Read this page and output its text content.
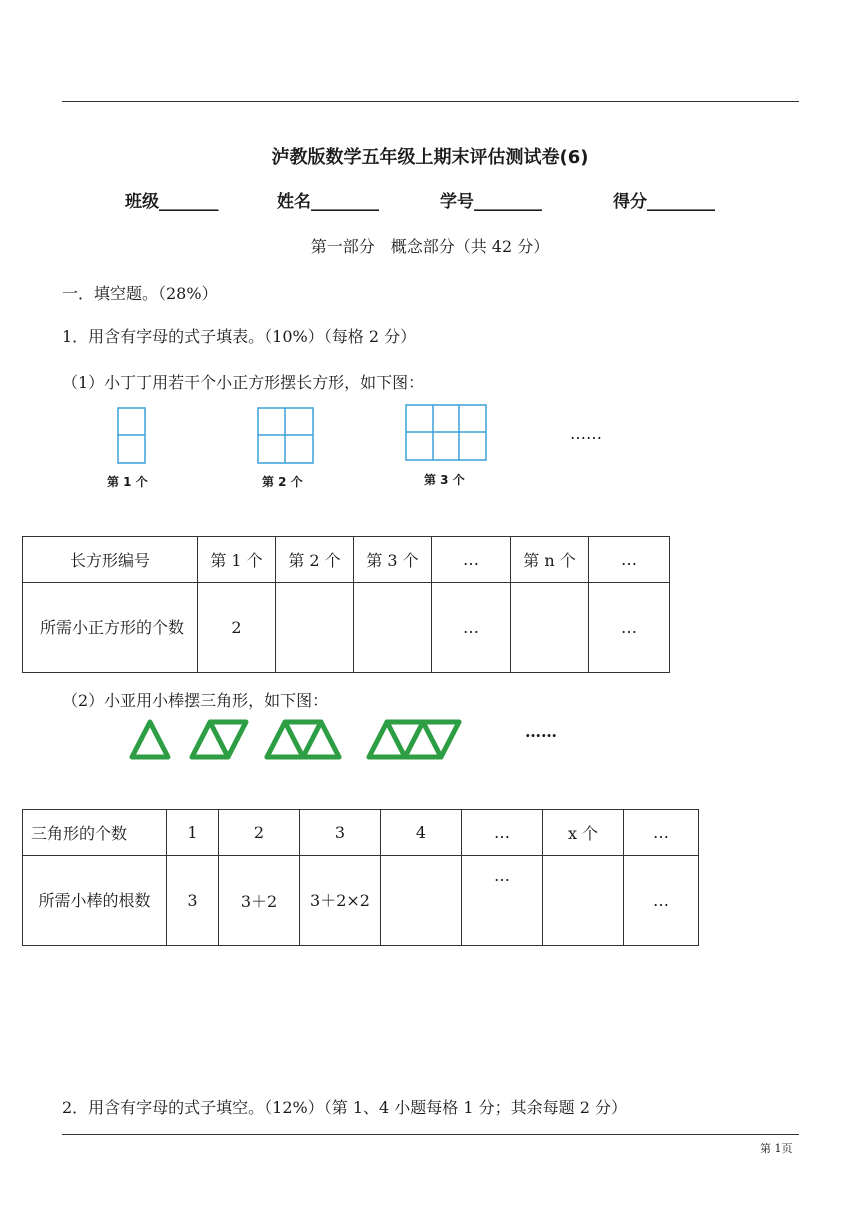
泸教版数学五年级上期末评估测试卷(6)
班级_______	姓名________	学号________	得分________
第一部分　概念部分（共 42 分）
一．填空题。（28%）
1．用含有字母的式子填表。（10%）（每格 2 分）
（1）小丁丁用若干个小正方形摆长方形，如下图：
第 1 个	第 2 个	第 3 个
……
长方形编号	第 1 个	第 2 个	第 3 个	…	第 n 个	…
所需小正方形的个数	2			…		…
（2）小亚用小棒摆三角形，如下图：
……
三角形的个数	1	2	3	4	…	x 个	…
所需小棒的根数	3	3＋2	3＋2×2		…		…
2．用含有字母的式子填空。（12%）（第 1、4 小题每格 1 分；其余每题 2 分）
第 1页
